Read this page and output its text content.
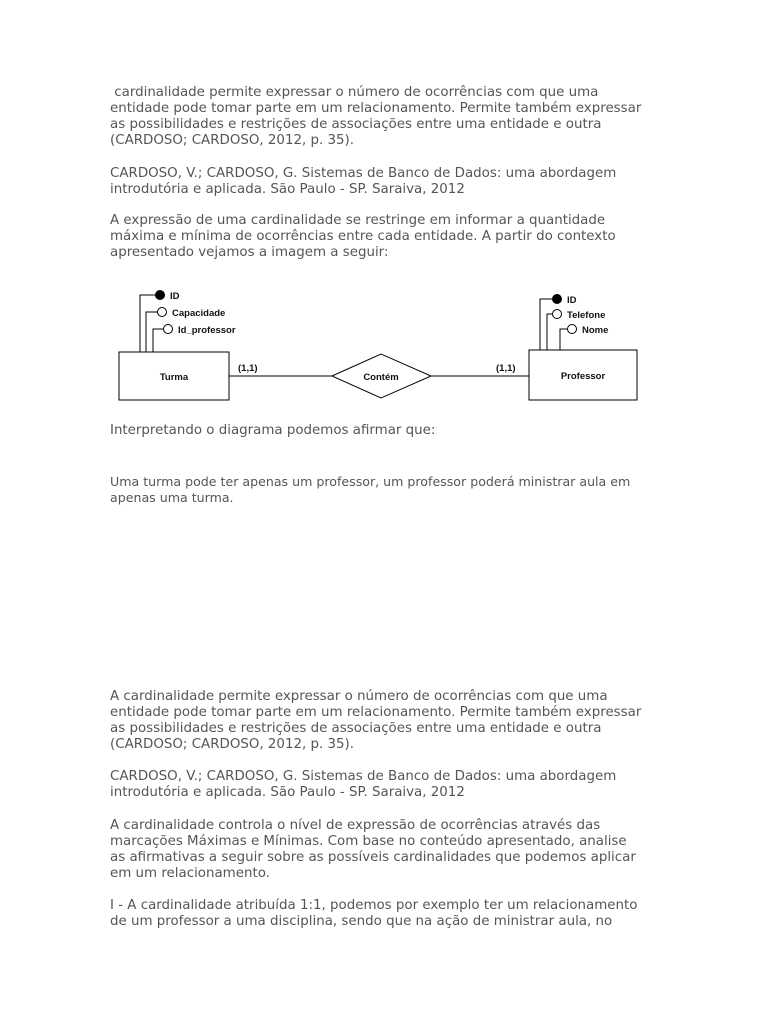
cardinalidade permite expressar o número de ocorrências com que uma
entidade pode tomar parte em um relacionamento. Permite também expressar
as possibilidades e restrições de associações entre uma entidade e outra
(CARDOSO; CARDOSO, 2012, p. 35).

CARDOSO, V.; CARDOSO, G. Sistemas de Banco de Dados: uma abordagem
introdutória e aplicada. São Paulo - SP. Saraiva, 2012

A expressão de uma cardinalidade se restringe em informar a quantidade
máxima e mínima de ocorrências entre cada entidade. A partir do contexto
apresentado vejamos a imagem a seguir:

ID
Capacidade
Id_professor
Turma
(1,1)	(1,1)
Contém
ID
Telefone
Nome
Professor

Interpretando o diagrama podemos afirmar que:

Uma turma pode ter apenas um professor, um professor poderá ministrar aula em
apenas uma turma.

A cardinalidade permite expressar o número de ocorrências com que uma
entidade pode tomar parte em um relacionamento. Permite também expressar
as possibilidades e restrições de associações entre uma entidade e outra
(CARDOSO; CARDOSO, 2012, p. 35).

CARDOSO, V.; CARDOSO, G. Sistemas de Banco de Dados: uma abordagem
introdutória e aplicada. São Paulo - SP. Saraiva, 2012

A cardinalidade controla o nível de expressão de ocorrências através das
marcações Máximas e Mínimas. Com base no conteúdo apresentado, analise
as afirmativas a seguir sobre as possíveis cardinalidades que podemos aplicar
em um relacionamento.

I - A cardinalidade atribuída 1:1, podemos por exemplo ter um relacionamento
de um professor a uma disciplina, sendo que na ação de ministrar aula, no
